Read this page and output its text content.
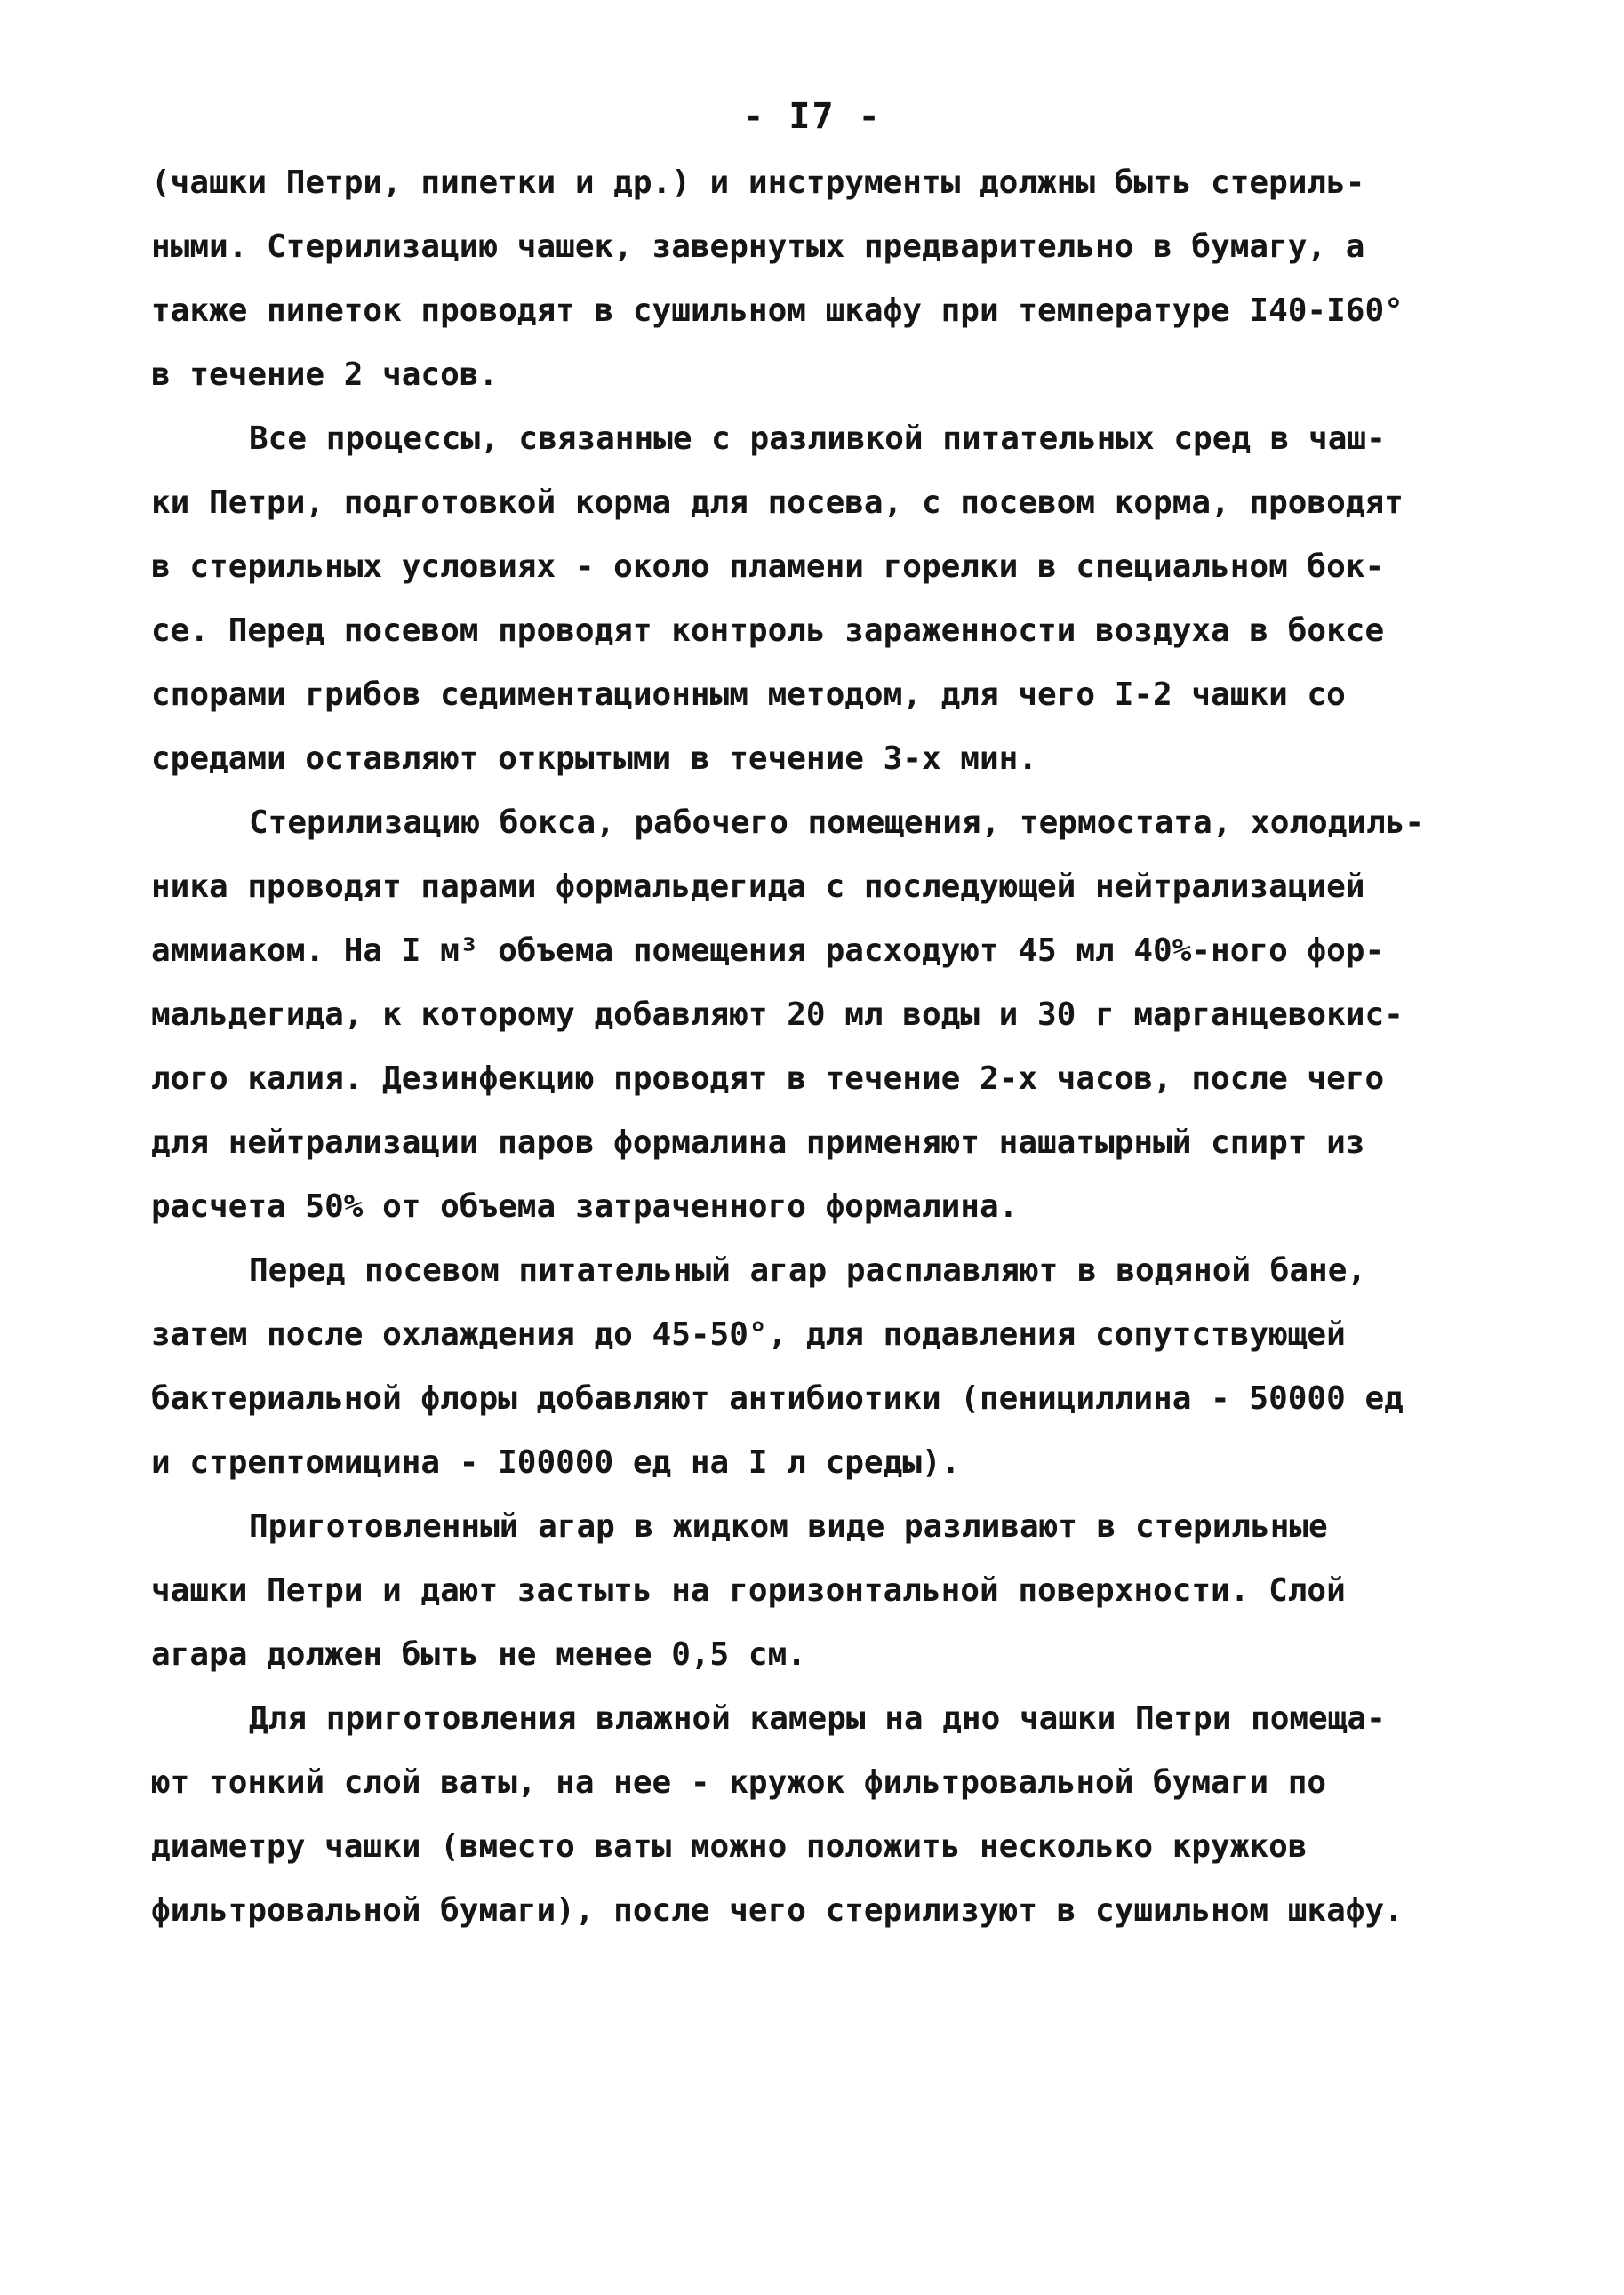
- I7 -
(чашки Петри, пипетки и др.) и инструменты должны быть стериль-
ными. Стерилизацию чашек, завернутых предварительно в бумагу, а
также пипеток проводят в сушильном шкафу при температуре I40-I60°
в течение 2 часов.
Все процессы, связанные с разливкой питательных сред в чаш-
ки Петри, подготовкой корма для посева, с посевом корма, проводят
в стерильных условиях - около пламени горелки в специальном бок-
се. Перед посевом проводят контроль зараженности воздуха в боксе
спорами грибов седиментационным методом, для чего I-2 чашки со
средами оставляют открытыми в течение 3-х мин.
Стерилизацию бокса, рабочего помещения, термостата, холодиль-
ника проводят парами формальдегида с последующей нейтрализацией
аммиаком. На I м³ объема помещения расходуют 45 мл 40%-ного фор-
мальдегида, к которому добавляют 20 мл воды и 30 г марганцевокис-
лого калия. Дезинфекцию проводят в течение 2-х часов, после чего
для нейтрализации паров формалина применяют нашатырный спирт из
расчета 50% от объема затраченного формалина.
Перед посевом питательный агар расплавляют в водяной бане,
затем после охлаждения до 45-50°, для подавления сопутствующей
бактериальной флоры добавляют антибиотики (пенициллина - 50000 ед
и стрептомицина - I00000 ед на I л среды).
Приготовленный агар в жидком виде разливают в стерильные
чашки Петри и дают застыть на горизонтальной поверхности. Слой
агара должен быть не менее 0,5 см.
Для приготовления влажной камеры на дно чашки Петри помеща-
ют тонкий слой ваты, на нее - кружок фильтровальной бумаги по
диаметру чашки (вместо ваты можно положить несколько кружков
фильтровальной бумаги), после чего стерилизуют в сушильном шкафу.
